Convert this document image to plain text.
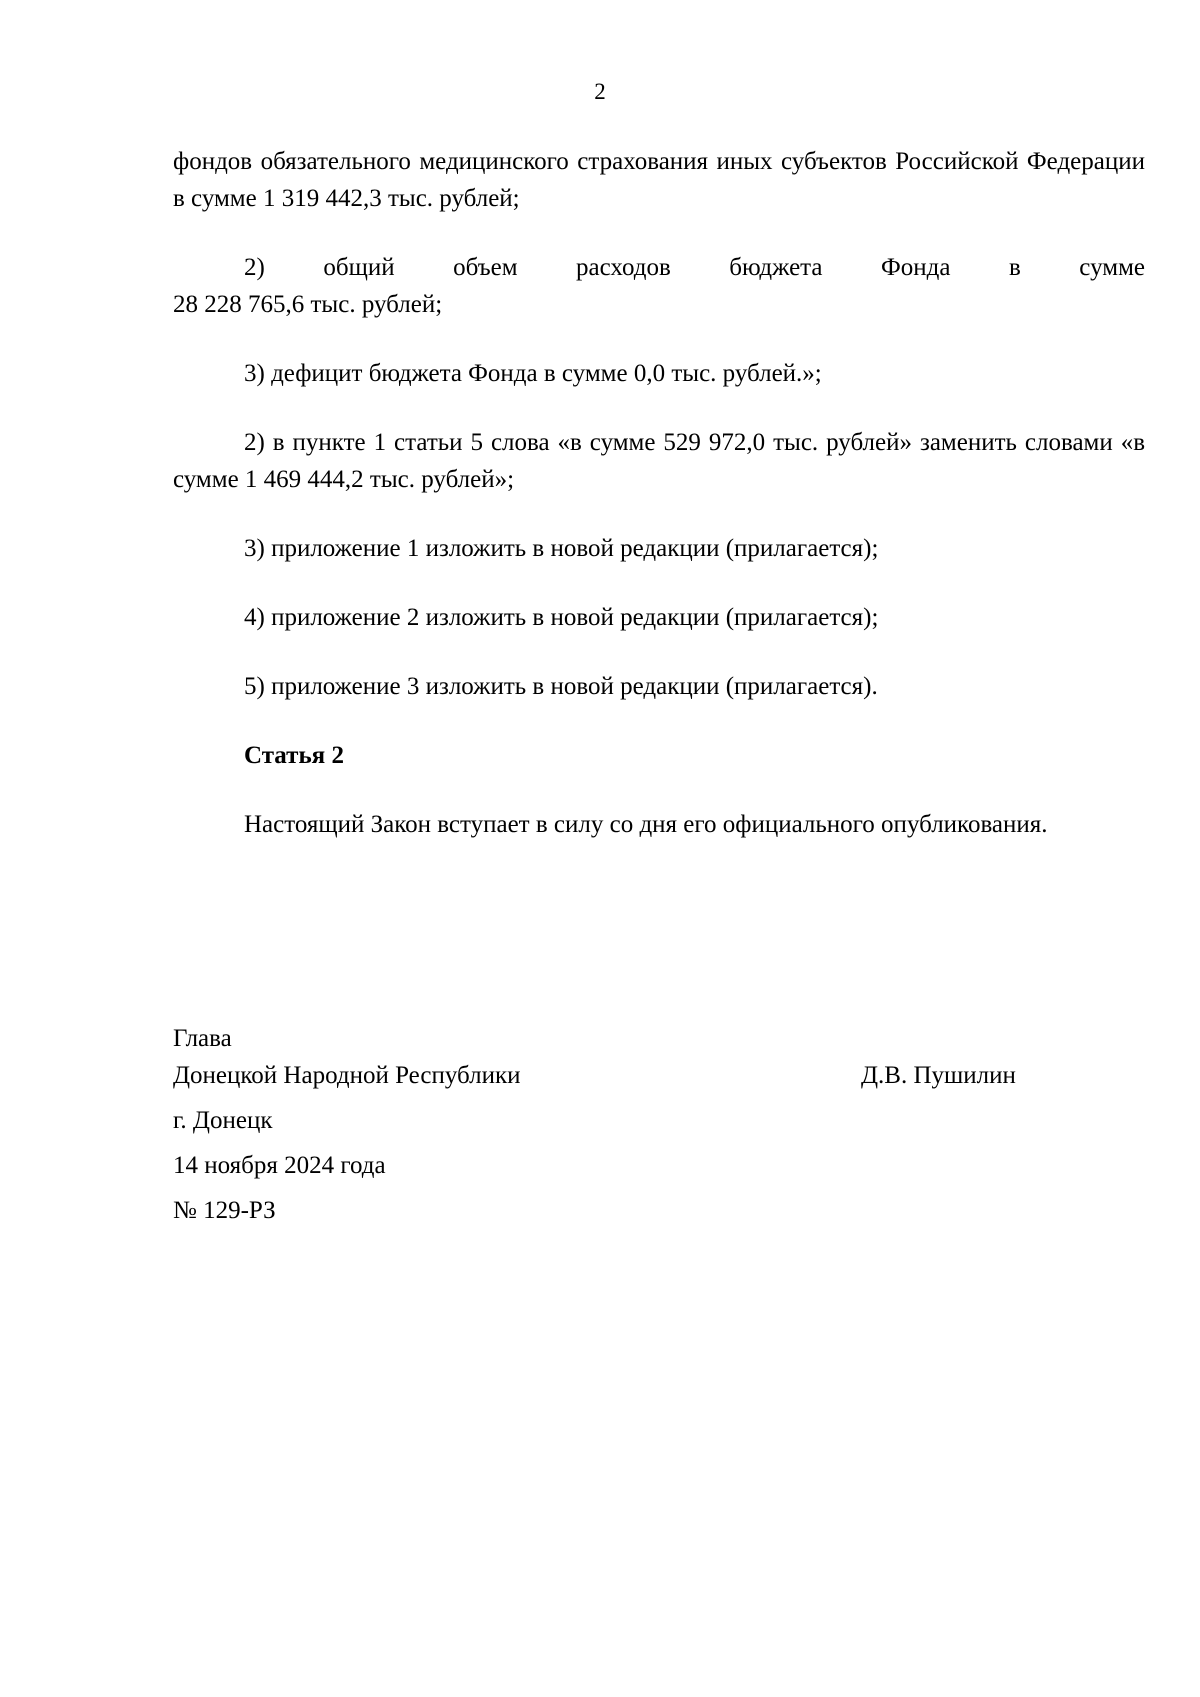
2

фондов обязательного медицинского страхования иных субъектов Российской Федерации в сумме 1 319 442,3 тыс. рублей;

2) общий объем расходов бюджета Фонда в сумме
28 228 765,6 тыс. рублей;

3) дефицит бюджета Фонда в сумме 0,0 тыс. рублей.»;

2) в пункте 1 статьи 5 слова «в сумме 529 972,0 тыс. рублей» заменить словами «в сумме 1 469 444,2 тыс. рублей»;

3) приложение 1 изложить в новой редакции (прилагается);

4) приложение 2 изложить в новой редакции (прилагается);

5) приложение 3 изложить в новой редакции (прилагается).

Статья 2

Настоящий Закон вступает в силу со дня его официального опубликования.

Глава
Донецкой Народной Республики	Д.В. Пушилин
г. Донецк
14 ноября 2024 года
№ 129-РЗ
